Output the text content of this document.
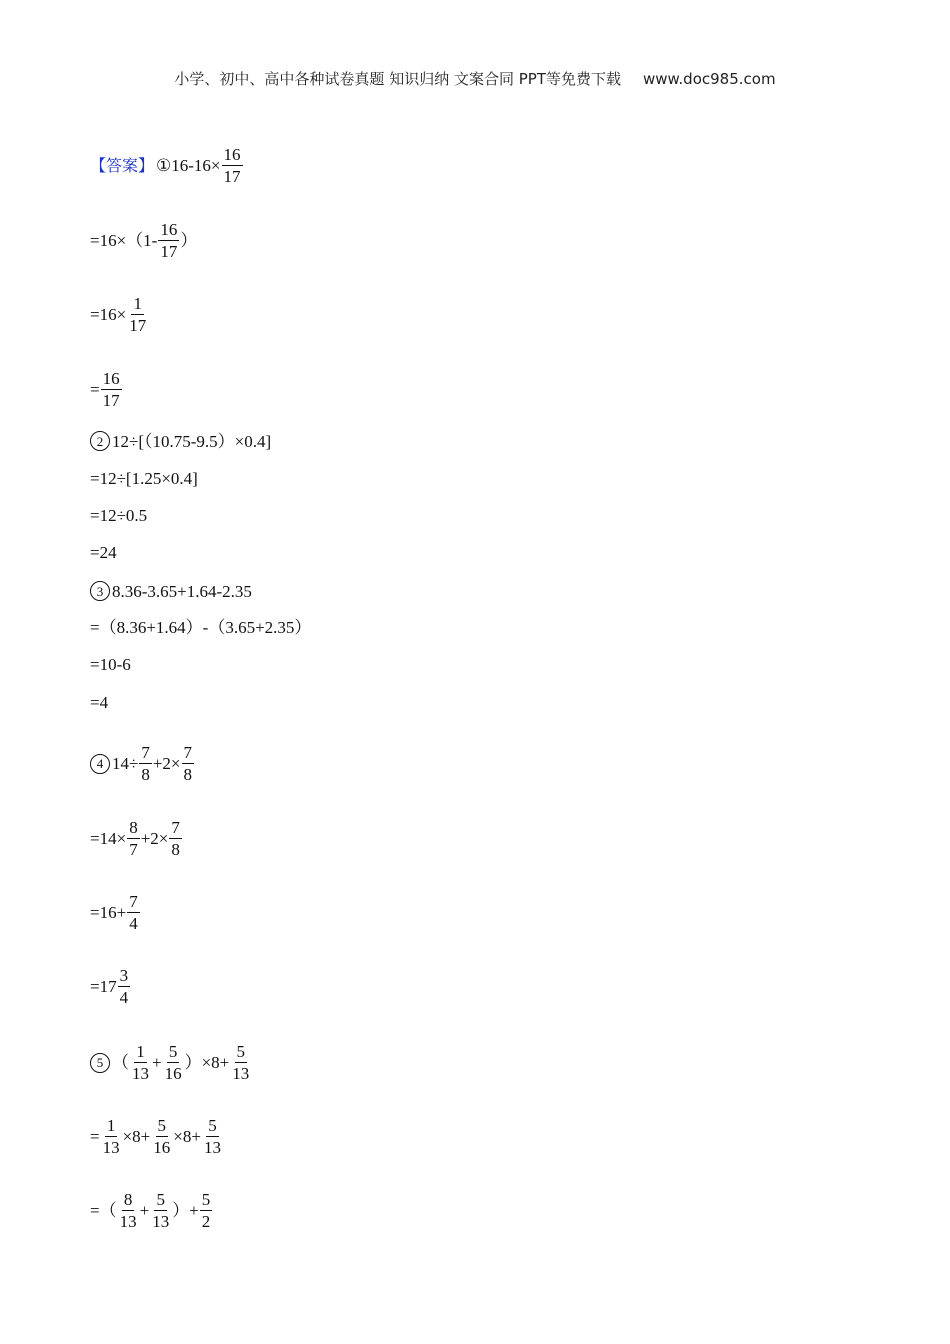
小学、初中、高中各种试卷真题 知识归纳 文案合同 PPT等免费下载 www.doc985.com
【答案】 ① $16-16\times \frac{16}{17}$
$=16\times(1- \frac{16}{17}$ ）
$=16\times \frac{1}{17}$
= $\frac{16}{17}$
2 12÷[（10.75-9.5）×0.4]
=12÷[1.25×0.4]
=12÷0.5
=24
3 8.36-3.65+1.64-2.35
=（8.36+1.64）-（3.65+2.35）
=10-6
=4
4 $14\div \frac{7}{8} +2\times \frac{7}{8}$
$=14\times \frac{8}{7} +2\times \frac{7}{8}$
$=16+ \frac{7}{4}$
$=17 \frac{3}{4}$
5 （ $\frac{1}{13} + \frac{5}{16} )\times 8+ \frac{5}{13}$
= $\frac{1}{13} \times 8+ \frac{5}{16} \times 8+ \frac{5}{13}$
=（ $\frac{8}{13} + \frac{5}{13}$ ）+ $\frac{5}{2}$
